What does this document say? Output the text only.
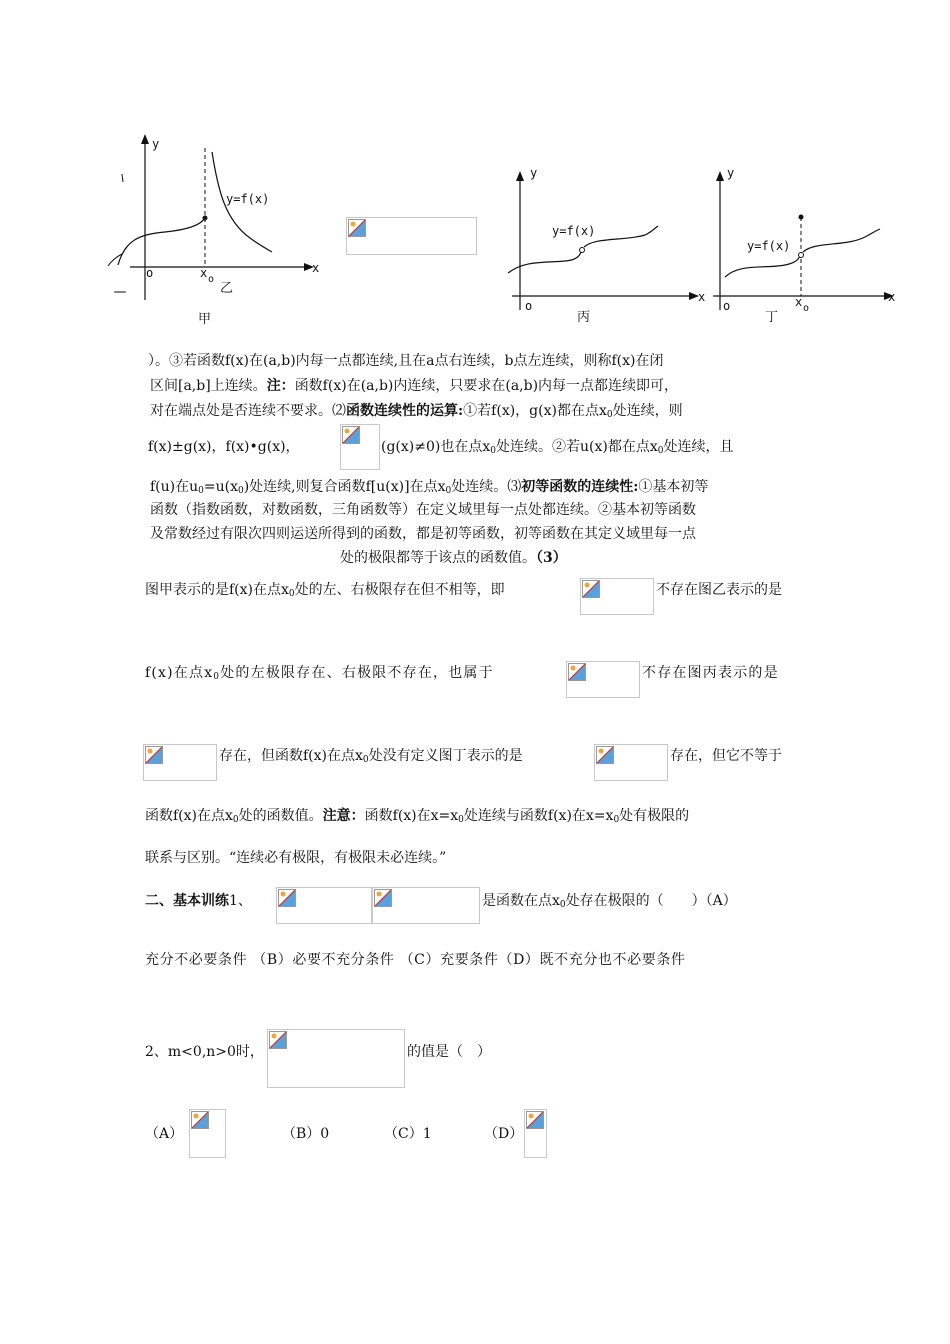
y
x
o	x o
y=f(x)
乙
甲
y
x
o
y=f(x)
丙
y
x
o	x o
y=f(x)
丁
）。③若函数f(x)在(a,b)内每一点都连续,且在a点右连续，b点左连续，则称f(x)在闭
区间[a,b]上连续。注：函数f(x)在(a,b)内连续，只要求在(a,b)内每一点都连续即可，
对在端点处是否连续不要求。⑵函数连续性的运算:①若f(x)，g(x)都在点$x_0$处连续，则
f(x)±g(x)，f(x)•g(x)，	(g(x)≠0)也在点$x_0$处连续。②若u(x)都在点$x_0$处连续，且
f(u)在$u_0=u(x_0)$处连续,则复合函数f[u(x)]在点$x_0$处连续。⑶初等函数的连续性:①基本初等
函数（指数函数，对数函数，三角函数等）在定义域里每一点处都连续。②基本初等函数
及常数经过有限次四则运送所得到的函数，都是初等函数，初等函数在其定义域里每一点
处的极限都等于该点的函数值。（3）
图甲表示的是f(x)在点$x_0$处的左、右极限存在但不相等，即	不存在图乙表示的是
f(x)在点$x_0$处的左极限存在、右极限不存在，也属于	不存在图丙表示的是
存在，但函数f(x)在点$x_0$处没有定义图丁表示的是	存在，但它不等于
函数f(x)在点$x_0$处的函数值。注意：函数f(x)在$x=x_0$处连续与函数f(x)在$x=x_0$处有极限的
联系与区别。“连续必有极限，有极限未必连续。”
二、基本训练1、	是函数在点$x_0$处存在极限的（　　）（A）
充分不必要条件 （B）必要不充分条件 （C）充要条件（D）既不充分也不必要条件
2、m<0,n>0时，	的值是（　）
（A）	（B）0	（C）1	（D）
